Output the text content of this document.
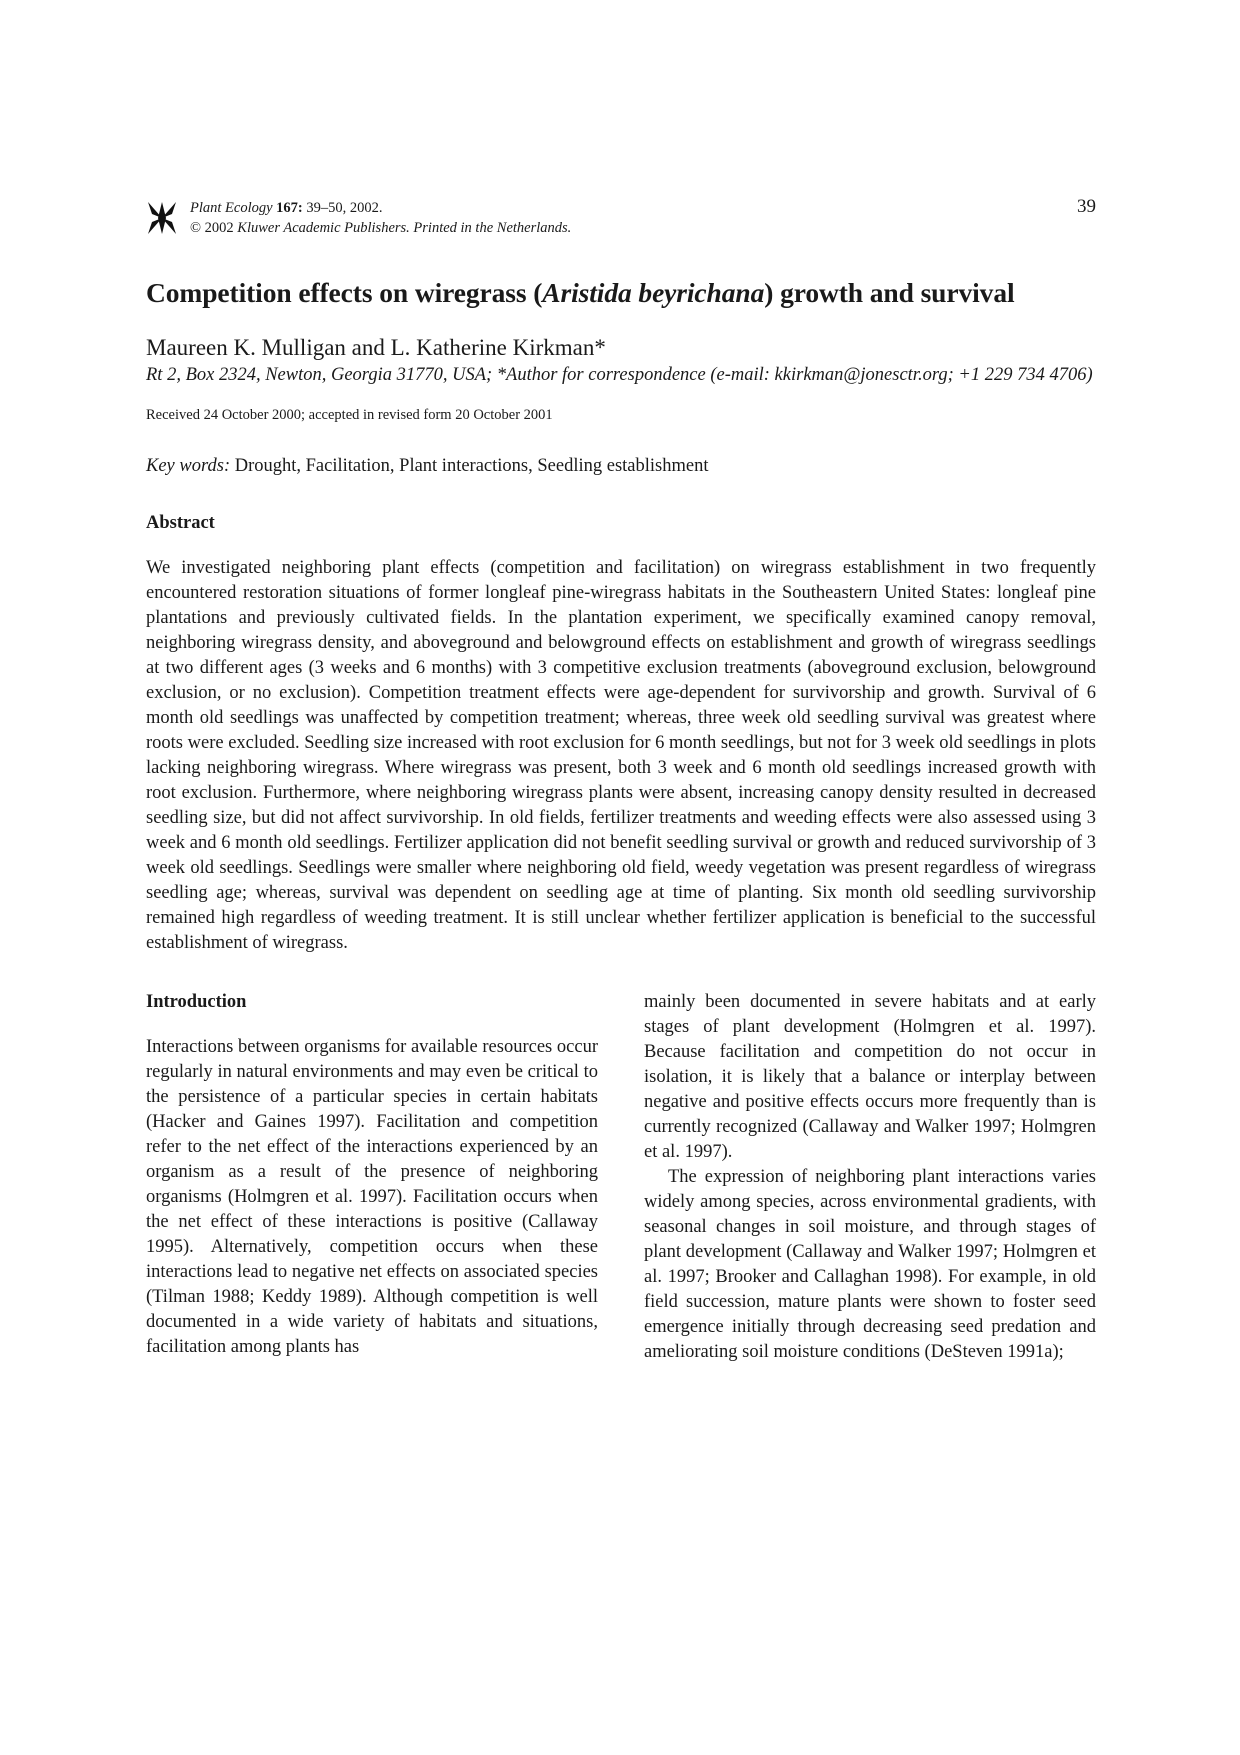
Plant Ecology 167: 39–50, 2002.
© 2002 Kluwer Academic Publishers. Printed in the Netherlands.
39
Competition effects on wiregrass (Aristida beyrichana) growth and survival
Maureen K. Mulligan and L. Katherine Kirkman*
Rt 2, Box 2324, Newton, Georgia 31770, USA; *Author for correspondence (e-mail: kkirkman@jonesctr.org; +1 229 734 4706)
Received 24 October 2000; accepted in revised form 20 October 2001
Key words: Drought, Facilitation, Plant interactions, Seedling establishment
Abstract
We investigated neighboring plant effects (competition and facilitation) on wiregrass establishment in two frequently encountered restoration situations of former longleaf pine-wiregrass habitats in the Southeastern United States: longleaf pine plantations and previously cultivated fields. In the plantation experiment, we specifically examined canopy removal, neighboring wiregrass density, and aboveground and belowground effects on establishment and growth of wiregrass seedlings at two different ages (3 weeks and 6 months) with 3 competitive exclusion treatments (aboveground exclusion, belowground exclusion, or no exclusion). Competition treatment effects were age-dependent for survivorship and growth. Survival of 6 month old seedlings was unaffected by competition treatment; whereas, three week old seedling survival was greatest where roots were excluded. Seedling size increased with root exclusion for 6 month seedlings, but not for 3 week old seedlings in plots lacking neighboring wiregrass. Where wiregrass was present, both 3 week and 6 month old seedlings increased growth with root exclusion. Furthermore, where neighboring wiregrass plants were absent, increasing canopy density resulted in decreased seedling size, but did not affect survivorship. In old fields, fertilizer treatments and weeding effects were also assessed using 3 week and 6 month old seedlings. Fertilizer application did not benefit seedling survival or growth and reduced survivorship of 3 week old seedlings. Seedlings were smaller where neighboring old field, weedy vegetation was present regardless of wiregrass seedling age; whereas, survival was dependent on seedling age at time of planting. Six month old seedling survivorship remained high regardless of weeding treatment. It is still unclear whether fertilizer application is beneficial to the successful establishment of wiregrass.
Introduction

Interactions between organisms for available resources occur regularly in natural environments and may even be critical to the persistence of a particular species in certain habitats (Hacker and Gaines 1997). Facilitation and competition refer to the net effect of the interactions experienced by an organism as a result of the presence of neighboring organisms (Holmgren et al. 1997). Facilitation occurs when the net effect of these interactions is positive (Callaway 1995). Alternatively, competition occurs when these interactions lead to negative net effects on associated species (Tilman 1988; Keddy 1989). Although competition is well documented in a wide variety of habitats and situations, facilitation among plants has

mainly been documented in severe habitats and at early stages of plant development (Holmgren et al. 1997). Because facilitation and competition do not occur in isolation, it is likely that a balance or interplay between negative and positive effects occurs more frequently than is currently recognized (Callaway and Walker 1997; Holmgren et al. 1997).

The expression of neighboring plant interactions varies widely among species, across environmental gradients, with seasonal changes in soil moisture, and through stages of plant development (Callaway and Walker 1997; Holmgren et al. 1997; Brooker and Callaghan 1998). For example, in old field succession, mature plants were shown to foster seed emergence initially through decreasing seed predation and ameliorating soil moisture conditions (DeSteven 1991a);
